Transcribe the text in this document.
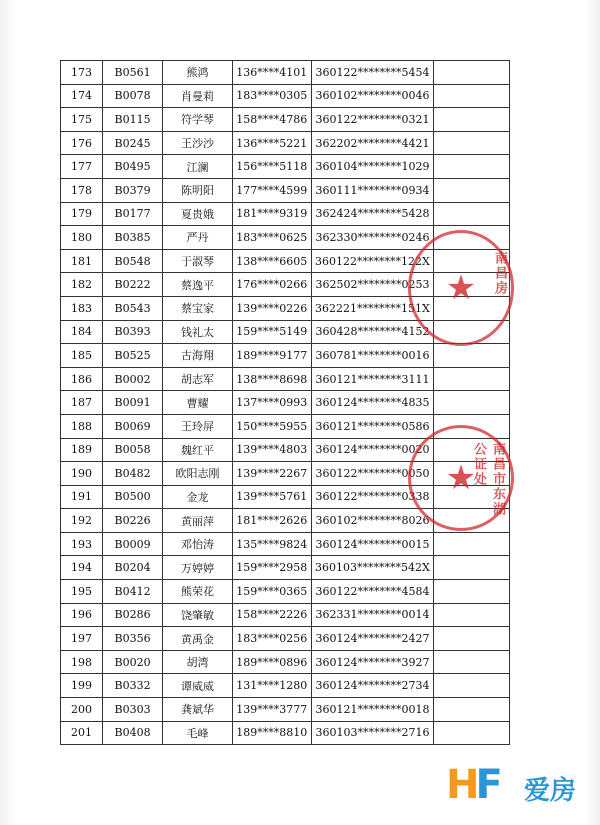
173	B0561	熊鸿	136****4101	360122********5454	
174	B0078	肖曼莉	183****0305	360102********0046	
175	B0115	符学琴	158****4786	360122********0321	
176	B0245	王沙沙	136****5221	362202********4421	
177	B0495	江澜	156****5118	360104********1029	
178	B0379	陈明阳	177****4599	360111********0934	
179	B0177	夏贵娥	181****9319	362424********5428	
180	B0385	严丹	183****0625	362330********0246	
181	B0548	于淑琴	138****6605	360122********122X	
182	B0222	蔡逸平	176****0266	362502********0253	
183	B0543	蔡宝家	139****0226	362221********151X	
184	B0393	钱礼太	159****5149	360428********4152	
185	B0525	古海翔	189****9177	360781********0016	
186	B0002	胡志军	138****8698	360121********3111	
187	B0091	曹耀	137****0993	360124********4835	
188	B0069	王玲屏	150****5955	360121********0586	
189	B0058	魏红平	139****4803	360124********0020	
190	B0482	欧阳志刚	139****2267	360122********0050	
191	B0500	金龙	139****5761	360122********0338	
192	B0226	黄丽萍	181****2626	360102********8026	
193	B0009	邓怡涛	135****9824	360124********0015	
194	B0204	万婷婷	159****2958	360103********542X	
195	B0412	熊荣花	159****0365	360122********4584	
196	B0286	饶肇敏	158****2226	362331********0014	
197	B0356	黄禹金	183****0256	360124********2427	
198	B0020	胡湾	189****0896	360124********3927	
199	B0332	谭威威	131****1280	360124********2734	
200	B0303	龚斌华	139****3777	360121********0018	
201	B0408	毛峰	189****8810	360103********2716	
★ 南昌房
★	南昌市东湖公证处
HF 爱房
